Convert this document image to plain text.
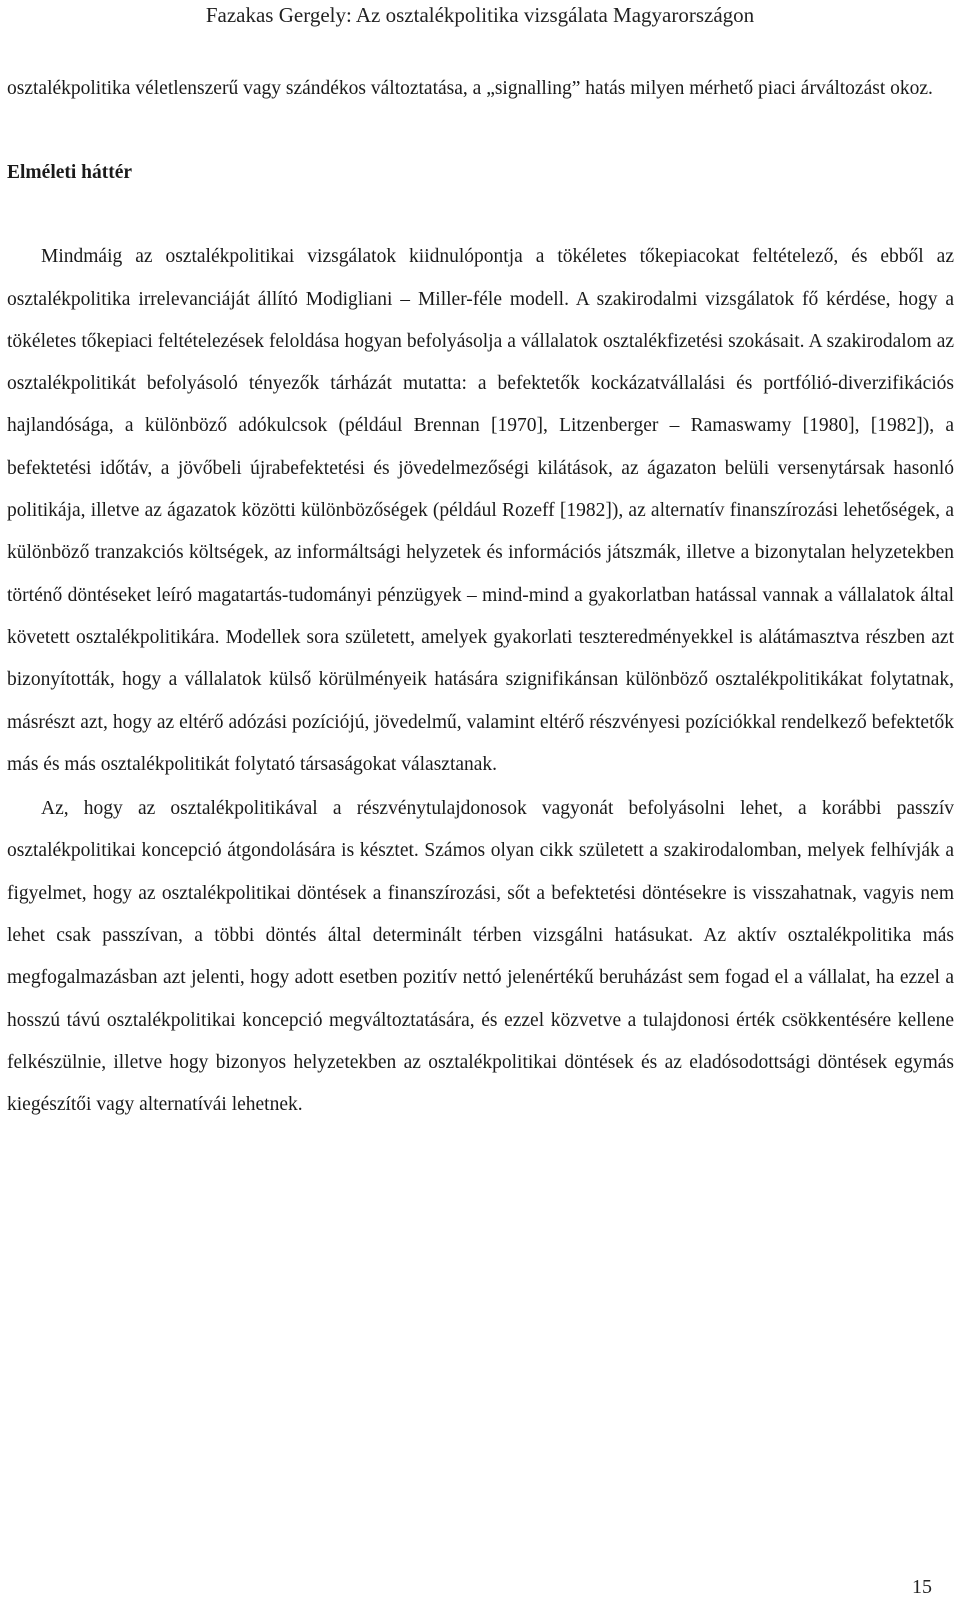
Fazakas Gergely: Az osztalékpolitika vizsgálata Magyarországon

osztalékpolitika véletlenszerű vagy szándékos változtatása, a „signalling” hatás milyen mérhető piaci árváltozást okoz.

Elméleti háttér

Mindmáig az osztalékpolitikai vizsgálatok kiidnulópontja a tökéletes tőkepiacokat feltételező, és ebből az osztalékpolitika irrelevanciáját állító Modigliani – Miller-féle modell. A szakirodalmi vizsgálatok fő kérdése, hogy a tökéletes tőkepiaci feltételezések feloldása hogyan befolyásolja a vállalatok osztalékfizetési szokásait. A szakirodalom az osztalékpolitikát befolyásoló tényezők tárházát mutatta: a befektetők kockázatvállalási és portfólió-diverzifikációs hajlandósága, a különböző adókulcsok (például Brennan [1970], Litzenberger – Ramaswamy [1980], [1982]), a befektetési időtáv, a jövőbeli újrabefektetési és jövedelmezőségi kilátások, az ágazaton belüli versenytársak hasonló politikája, illetve az ágazatok közötti különbözőségek (például Rozeff [1982]), az alternatív finanszírozási lehetőségek, a különböző tranzakciós költségek, az informáltsági helyzetek és információs játszmák, illetve a bizonytalan helyzetekben történő döntéseket leíró magatartás-tudományi pénzügyek – mind-mind a gyakorlatban hatással vannak a vállalatok által követett osztalékpolitikára. Modellek sora született, amelyek gyakorlati teszteredményekkel is alátámasztva részben azt bizonyították, hogy a vállalatok külső körülményeik hatására szignifikánsan különböző osztalékpolitikákat folytatnak, másrészt azt, hogy az eltérő adózási pozíciójú, jövedelmű, valamint eltérő részvényesi pozíciókkal rendelkező befektetők más és más osztalékpolitikát folytató társaságokat választanak.

Az, hogy az osztalékpolitikával a részvénytulajdonosok vagyonát befolyásolni lehet, a korábbi passzív osztalékpolitikai koncepció átgondolására is késztet. Számos olyan cikk született a szakirodalomban, melyek felhívják a figyelmet, hogy az osztalékpolitikai döntések a finanszírozási, sőt a befektetési döntésekre is visszahatnak, vagyis nem lehet csak passzívan, a többi döntés által determinált térben vizsgálni hatásukat. Az aktív osztalékpolitika más megfogalmazásban azt jelenti, hogy adott esetben pozitív nettó jelenértékű beruházást sem fogad el a vállalat, ha ezzel a hosszú távú osztalékpolitikai koncepció megváltoztatására, és ezzel közvetve a tulajdonosi érték csökkentésére kellene felkészülnie, illetve hogy bizonyos helyzetekben az osztalékpolitikai döntések és az eladósodottsági döntések egymás kiegészítői vagy alternatívái lehetnek.

15
